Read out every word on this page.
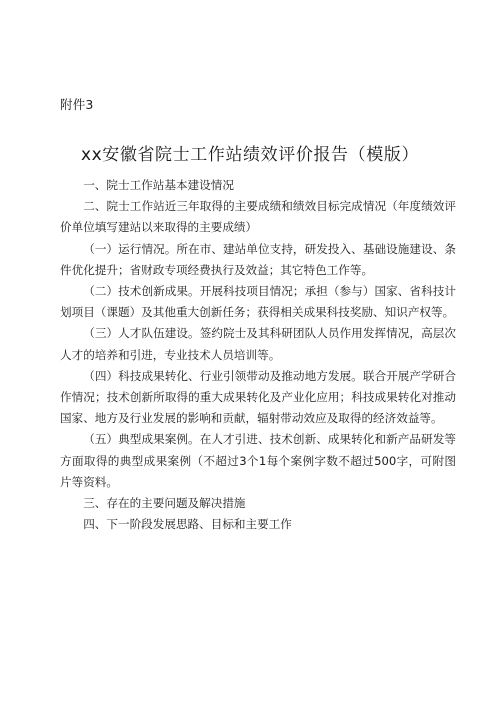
附件3
xx安徽省院士工作站绩效评价报告（模版）

一、院士工作站基本建设情况

二、院士工作站近三年取得的主要成绩和绩效目标完成情况（年度绩效评价单位填写建站以来取得的主要成绩）

（一）运行情况。所在市、建站单位支持，研发投入、基础设施建设、条件优化提升；省财政专项经费执行及效益；其它特色工作等。

（二）技术创新成果。开展科技项目情况；承担（参与）国家、省科技计划项目（课题）及其他重大创新任务；获得相关成果科技奖励、知识产权等。

（三）人才队伍建设。签约院士及其科研团队人员作用发挥情况，高层次人才的培养和引进，专业技术人员培训等。

（四）科技成果转化、行业引领带动及推动地方发展。联合开展产学研合作情况；技术创新所取得的重大成果转化及产业化应用；科技成果转化对推动国家、地方及行业发展的影响和贡献，辐射带动效应及取得的经济效益等。

（五）典型成果案例。在人才引进、技术创新、成果转化和新产品研发等方面取得的典型成果案例（不超过3个1每个案例字数不超过500字，可附图片等资料。

三、存在的主要问题及解决措施

四、下一阶段发展思路、目标和主要工作
